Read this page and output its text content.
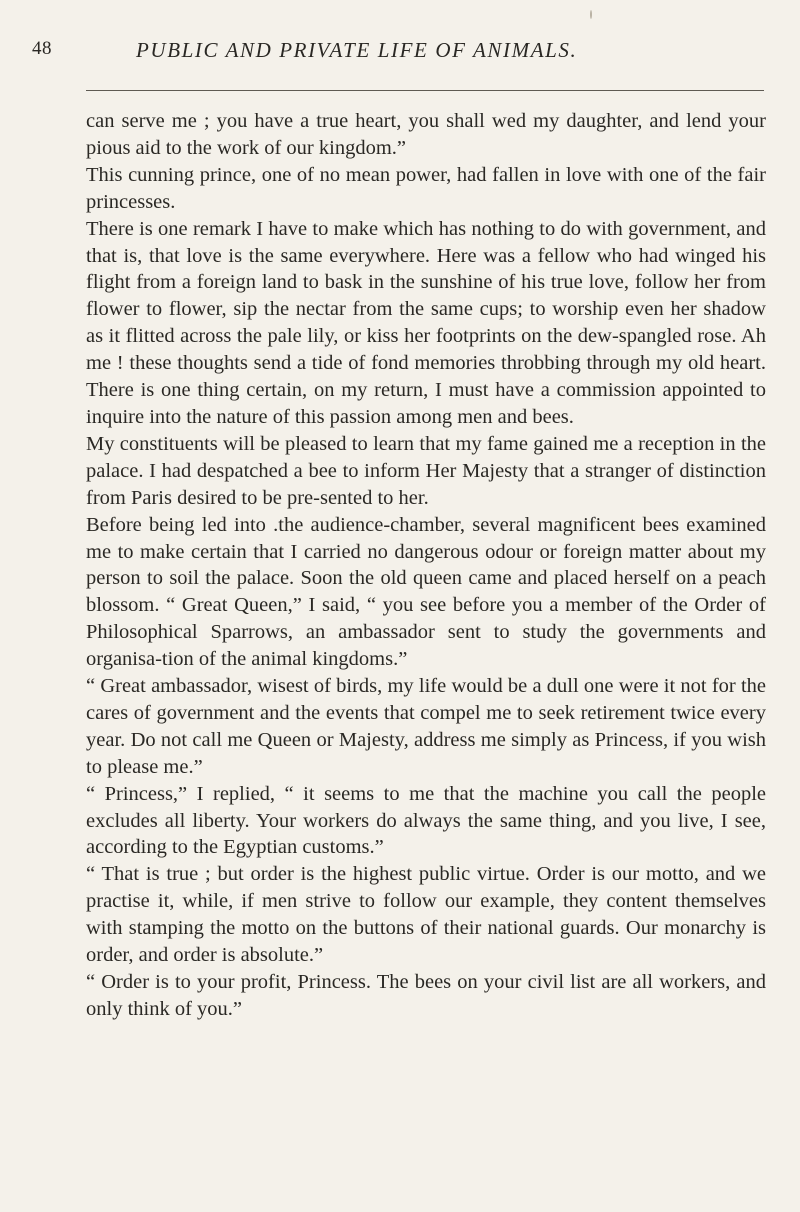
48	PUBLIC AND PRIVATE LIFE OF ANIMALS.

can serve me ; you have a true heart, you shall wed my daughter, and lend your pious aid to the work of our kingdom.”

This cunning prince, one of no mean power, had fallen in love with one of the fair princesses.

There is one remark I have to make which has nothing to do with government, and that is, that love is the same everywhere. Here was a fellow who had winged his flight from a foreign land to bask in the sunshine of his true love, follow her from flower to flower, sip the nectar from the same cups; to worship even her shadow as it flitted across the pale lily, or kiss her footprints on the dew-spangled rose. Ah me ! these thoughts send a tide of fond memories throbbing through my old heart. There is one thing certain, on my return, I must have a commission appointed to inquire into the nature of this passion among men and bees.

My constituents will be pleased to learn that my fame gained me a reception in the palace. I had despatched a bee to inform Her Majesty that a stranger of distinction from Paris desired to be pre-sented to her.

Before being led into .the audience-chamber, several magnificent bees examined me to make certain that I carried no dangerous odour or foreign matter about my person to soil the palace. Soon the old queen came and placed herself on a peach blossom. “ Great Queen,” I said, “ you see before you a member of the Order of Philosophical Sparrows, an ambassador sent to study the governments and organisa-tion of the animal kingdoms.”

“ Great ambassador, wisest of birds, my life would be a dull one were it not for the cares of government and the events that compel me to seek retirement twice every year. Do not call me Queen or Majesty, address me simply as Princess, if you wish to please me.”

“ Princess,” I replied, “ it seems to me that the machine you call the people excludes all liberty. Your workers do always the same thing, and you live, I see, according to the Egyptian customs.”

“ That is true ; but order is the highest public virtue. Order is our motto, and we practise it, while, if men strive to follow our example, they content themselves with stamping the motto on the buttons of their national guards. Our monarchy is order, and order is absolute.”

“ Order is to your profit, Princess. The bees on your civil list are all workers, and only think of you.”
